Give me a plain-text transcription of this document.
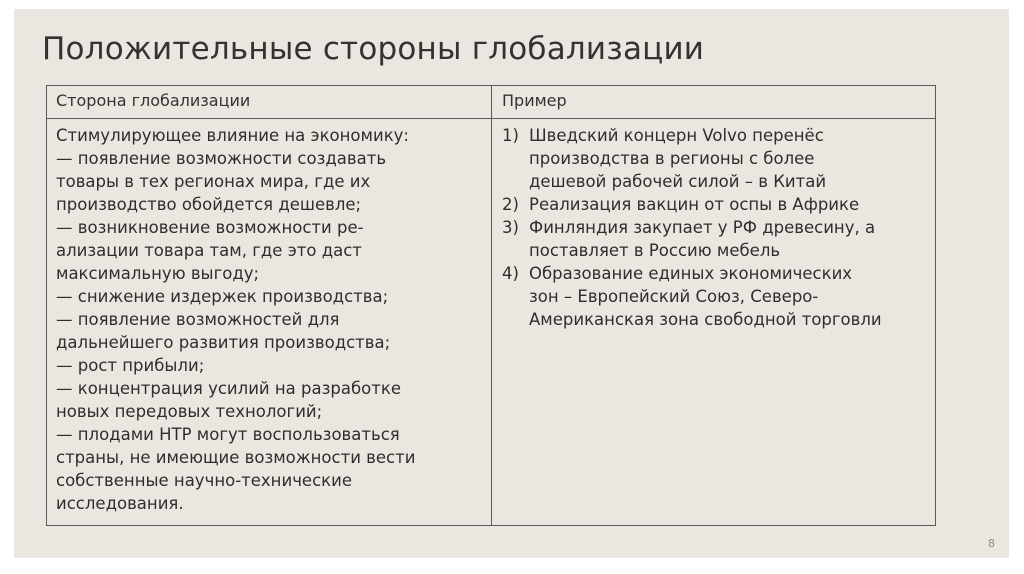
Положительные стороны глобализации
Сторона глобализации	Пример
Стимулирующее влияние на экономику:
— появление возможности создавать
товары в тех регионах мира, где их
производство обойдется дешевле;
— возникновение возможности ре-
ализации товара там, где это даст
максимальную выгоду;
— снижение издержек производства;
— появление возможностей для
дальнейшего развития производства;
— рост прибыли;
— концентрация усилий на разработке
новых передовых технологий;
— плодами НТР могут воспользоваться
страны, не имеющие возможности вести
собственные научно-технические
исследования.
1) Шведский концерн Volvo перенёс
производства в регионы с более
дешевой рабочей силой – в Китай
2) Реализация вакцин от оспы в Африке
3) Финляндия закупает у РФ древесину, а
поставляет в Россию мебель
4) Образование единых экономических
зон – Европейский Союз, Северо-
Американская зона свободной торговли
8
